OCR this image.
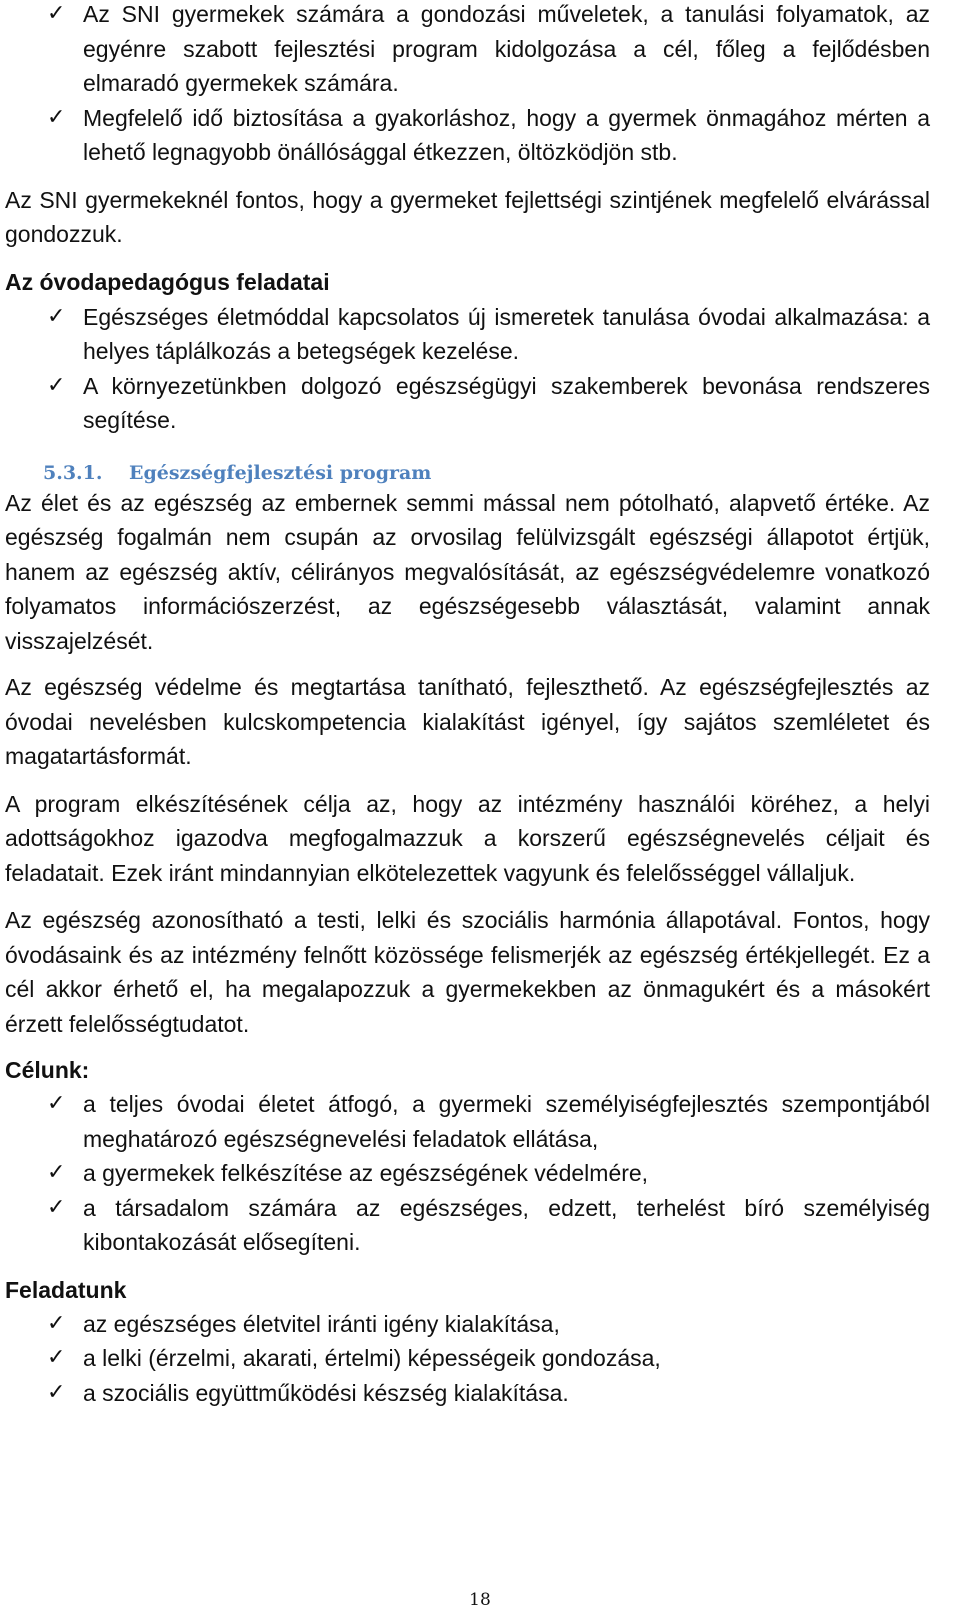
✓ Az SNI gyermekek számára a gondozási műveletek, a tanulási folyamatok, az egyénre szabott fejlesztési program kidolgozása a cél, főleg a fejlődésben elmaradó gyermekek számára.
✓ Megfelelő idő biztosítása a gyakorláshoz, hogy a gyermek önmagához mérten a lehető legnagyobb önállósággal étkezzen, öltözködjön stb.
Az SNI gyermekeknél fontos, hogy a gyermeket fejlettségi szintjének megfelelő elvárással gondozzuk.
Az óvodapedagógus feladatai
✓ Egészséges életmóddal kapcsolatos új ismeretek tanulása óvodai alkalmazása: a helyes táplálkozás a betegségek kezelése.
✓ A környezetünkben dolgozó egészségügyi szakemberek bevonása rendszeres segítése.
5.3.1. Egészségfejlesztési program
Az élet és az egészség az embernek semmi mással nem pótolható, alapvető értéke. Az egészség fogalmán nem csupán az orvosilag felülvizsgált egészségi állapotot értjük, hanem az egészség aktív, célirányos megvalósítását, az egészségvédelemre vonatkozó folyamatos információszerzést, az egészségesebb választását, valamint annak visszajelzését.
Az egészség védelme és megtartása tanítható, fejleszthető. Az egészségfejlesztés az óvodai nevelésben kulcskompetencia kialakítást igényel, így sajátos szemléletet és magatartásformát.
A program elkészítésének célja az, hogy az intézmény használói köréhez, a helyi adottságokhoz igazodva megfogalmazzuk a korszerű egészségnevelés céljait és feladatait. Ezek iránt mindannyian elkötelezettek vagyunk és felelősséggel vállaljuk.
Az egészség azonosítható a testi, lelki és szociális harmónia állapotával. Fontos, hogy óvodásaink és az intézmény felnőtt közössége felismerjék az egészség értékjellegét. Ez a cél akkor érhető el, ha megalapozzuk a gyermekekben az önmagukért és a másokért érzett felelősségtudatot.
Célunk:
✓ a teljes óvodai életet átfogó, a gyermeki személyiségfejlesztés szempontjából meghatározó egészségnevelési feladatok ellátása,
✓ a gyermekek felkészítése az egészségének védelmére,
✓ a társadalom számára az egészséges, edzett, terhelést bíró személyiség kibontakozását elősegíteni.
Feladatunk
✓ az egészséges életvitel iránti igény kialakítása,
✓ a lelki (érzelmi, akarati, értelmi) képességeik gondozása,
✓ a szociális együttműködési készség kialakítása.
18
